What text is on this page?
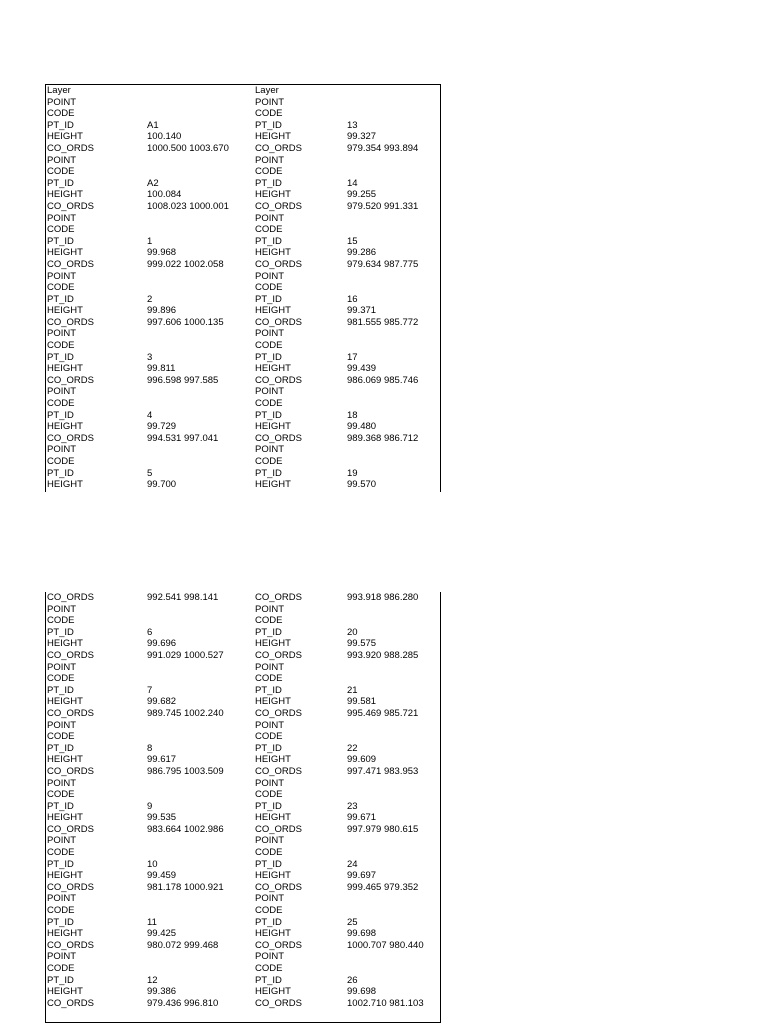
Layer		Layer	
POINT		POINT	
CODE		CODE	
PT_ID	A1	PT_ID	13
HEIGHT	100.140	HEIGHT	99.327
CO_ORDS	1000.500 1003.670	CO_ORDS	979.354 993.894
POINT		POINT	
CODE		CODE	
PT_ID	A2	PT_ID	14
HEIGHT	100.084	HEIGHT	99.255
CO_ORDS	1008.023 1000.001	CO_ORDS	979.520 991.331
POINT		POINT	
CODE		CODE	
PT_ID	1	PT_ID	15
HEIGHT	99.968	HEIGHT	99.286
CO_ORDS	999.022 1002.058	CO_ORDS	979.634 987.775
POINT		POINT	
CODE		CODE	
PT_ID	2	PT_ID	16
HEIGHT	99.896	HEIGHT	99.371
CO_ORDS	997.606 1000.135	CO_ORDS	981.555 985.772
POINT		POINT	
CODE		CODE	
PT_ID	3	PT_ID	17
HEIGHT	99.811	HEIGHT	99.439
CO_ORDS	996.598 997.585	CO_ORDS	986.069 985.746
POINT		POINT	
CODE		CODE	
PT_ID	4	PT_ID	18
HEIGHT	99.729	HEIGHT	99.480
CO_ORDS	994.531 997.041	CO_ORDS	989.368 986.712
POINT		POINT	
CODE		CODE	
PT_ID	5	PT_ID	19
HEIGHT	99.700	HEIGHT	99.570
CO_ORDS	992.541 998.141	CO_ORDS	993.918 986.280
POINT		POINT	
CODE		CODE	
PT_ID	6	PT_ID	20
HEIGHT	99.696	HEIGHT	99.575
CO_ORDS	991.029 1000.527	CO_ORDS	993.920 988.285
POINT		POINT	
CODE		CODE	
PT_ID	7	PT_ID	21
HEIGHT	99.682	HEIGHT	99.581
CO_ORDS	989.745 1002.240	CO_ORDS	995.469 985.721
POINT		POINT	
CODE		CODE	
PT_ID	8	PT_ID	22
HEIGHT	99.617	HEIGHT	99.609
CO_ORDS	986.795 1003.509	CO_ORDS	997.471 983.953
POINT		POINT	
CODE		CODE	
PT_ID	9	PT_ID	23
HEIGHT	99.535	HEIGHT	99.671
CO_ORDS	983.664 1002.986	CO_ORDS	997.979 980.615
POINT		POINT	
CODE		CODE	
PT_ID	10	PT_ID	24
HEIGHT	99.459	HEIGHT	99.697
CO_ORDS	981.178 1000.921	CO_ORDS	999.465 979.352
POINT		POINT	
CODE		CODE	
PT_ID	11	PT_ID	25
HEIGHT	99.425	HEIGHT	99.698
CO_ORDS	980.072 999.468	CO_ORDS	1000.707 980.440
POINT		POINT	
CODE		CODE	
PT_ID	12	PT_ID	26
HEIGHT	99.386	HEIGHT	99.698
CO_ORDS	979.436 996.810	CO_ORDS	1002.710 981.103
